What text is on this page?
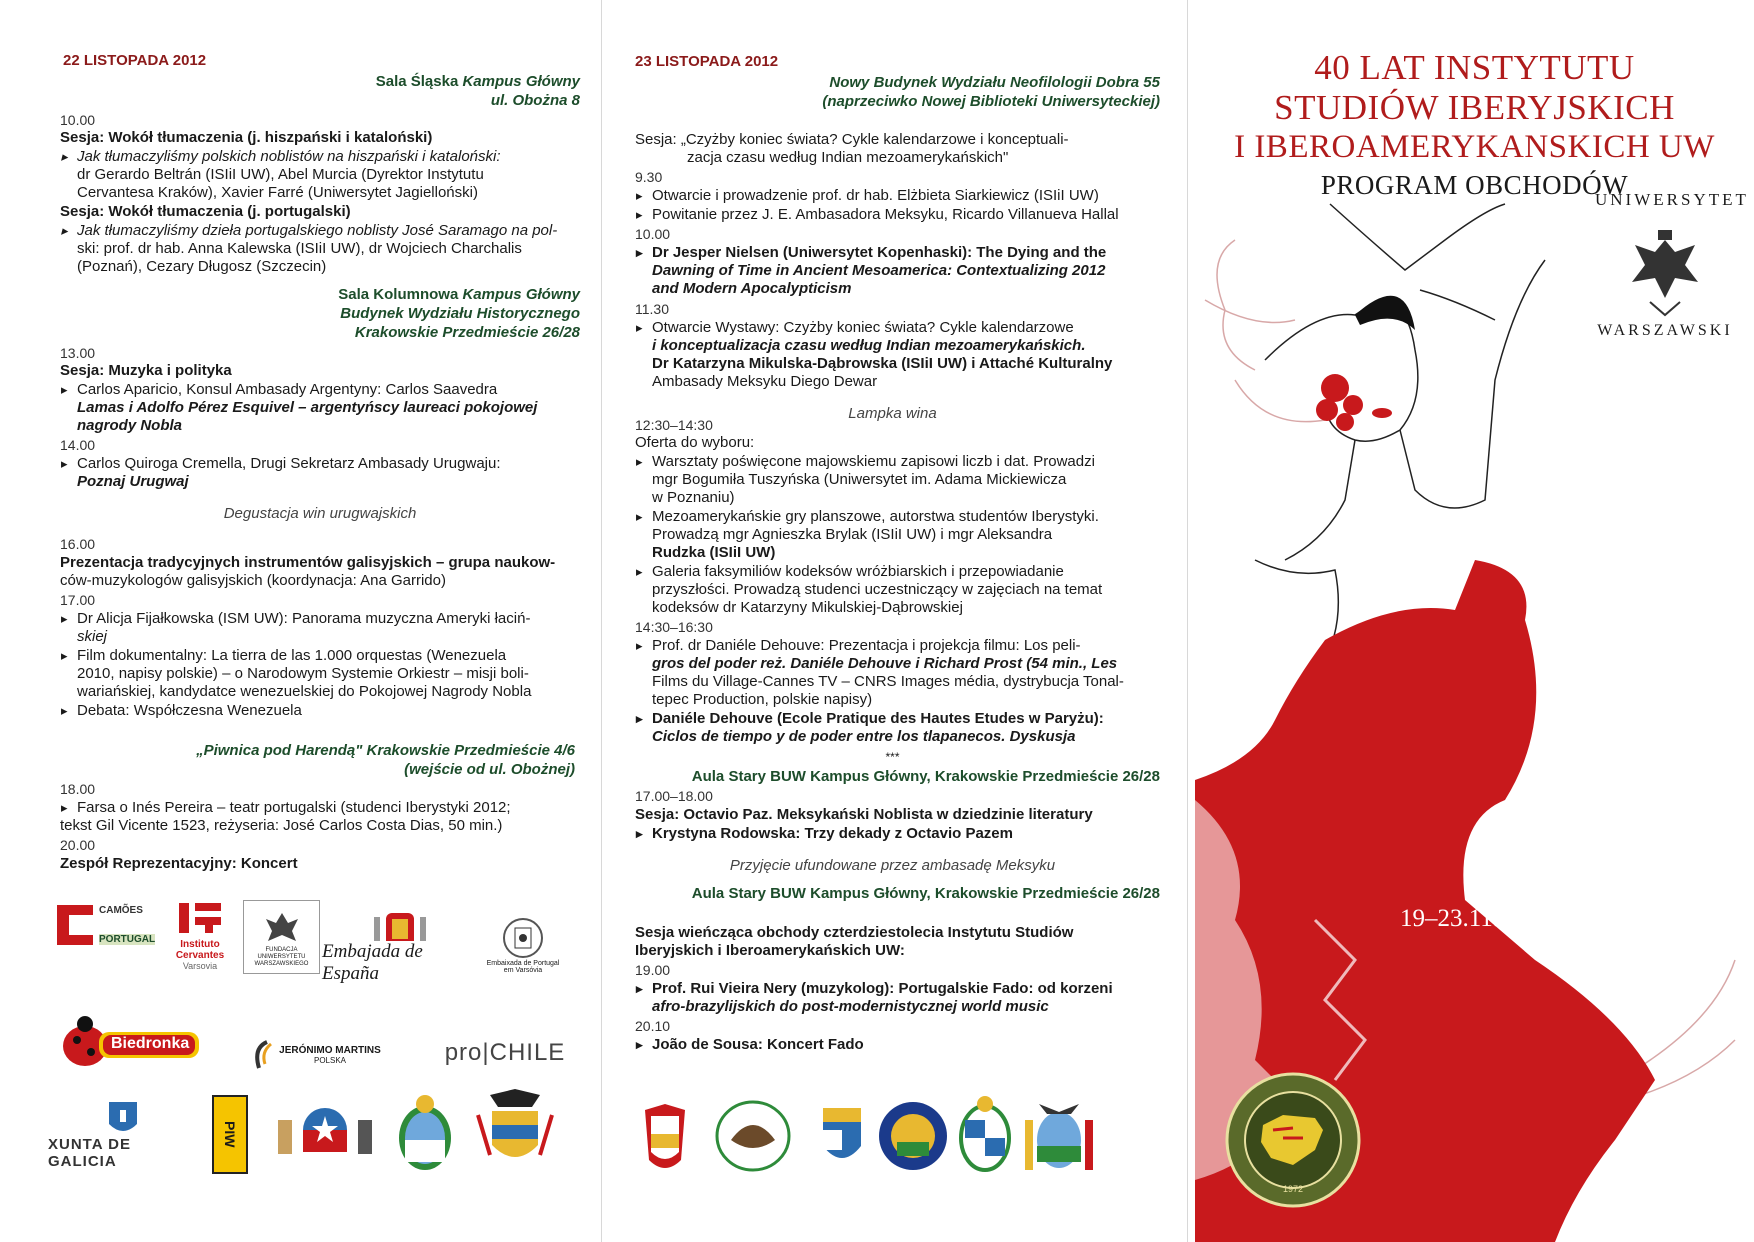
22 LISTOPADA 2012
Sala Śląska Kampus Główny
ul. Obożna 8
10.00
Sesja: Wokół tłumaczenia (j. hiszpański i kataloński)
▸ Jak tłumaczyliśmy polskich noblistów na hiszpański i kataloński:
dr Gerardo Beltrán (ISIiI UW), Abel Murcia (Dyrektor Instytutu
Cervantesa Kraków), Xavier Farré (Uniwersytet Jagielloński)
Sesja: Wokół tłumaczenia (j. portugalski)
▸ Jak tłumaczyliśmy dzieła portugalskiego noblisty José Saramago na pol-
ski: prof. dr hab. Anna Kalewska (ISIiI UW), dr Wojciech Charchalis
(Poznań), Cezary Długosz (Szczecin)
Sala Kolumnowa Kampus Główny
Budynek Wydziału Historycznego
Krakowskie Przedmieście 26/28
13.00
Sesja: Muzyka i polityka
▸ Carlos Aparicio, Konsul Ambasady Argentyny: Carlos Saavedra
Lamas i Adolfo Pérez Esquivel – argentyńscy laureaci pokojowej
nagrody Nobla
14.00
▸ Carlos Quiroga Cremella, Drugi Sekretarz Ambasady Urugwaju:
Poznaj Urugwaj
Degustacja win urugwajskich
16.00
Prezentacja tradycyjnych instrumentów galisyjskich – grupa naukow-
ców-muzykologów galisyjskich (koordynacja: Ana Garrido)
17.00
▸ Dr Alicja Fijałkowska (ISM UW): Panorama muzyczna Ameryki łaciń-
skiej
▸ Film dokumentalny: La tierra de las 1.000 orquestas (Wenezuela
2010, napisy polskie) – o Narodowym Systemie Orkiestr – misji boli-
wariańskiej, kandydatce wenezuelskiej do Pokojowej Nagrody Nobla
▸ Debata: Współczesna Wenezuela
„Piwnica pod Harendą" Krakowskie Przedmieście 4/6
(wejście od ul. Obożnej)
18.00
▸ Farsa o Inés Pereira – teatr portugalski (studenci Iberystyki 2012;
tekst Gil Vicente 1523, reżyseria: José Carlos Costa Dias, 50 min.)
20.00
Zespół Reprezentacyjny: Koncert
CAMÕES
PORTUGAL	Instituto
Cervantes
Varsovia
FUNDACJA UNIWERSYTETU WARSZAWSKIEGO
Embajada de España	Embaixada de Portugal
em Varsóvia
Biedronka	JERÓNIMO MARTINS
POLSKA	pro|CHILE
XUNTA DE GALICIA
PIW
23 LISTOPADA 2012
Nowy Budynek Wydziału Neofilologii Dobra 55
(naprzeciwko Nowej Biblioteki Uniwersyteckiej)
Sesja: „Czyżby koniec świata? Cykle kalendarzowe i konceptuali-
zacja czasu według Indian mezoamerykańskich"
9.30
▸ Otwarcie i prowadzenie prof. dr hab. Elżbieta Siarkiewicz (ISIiI UW)
▸ Powitanie przez J. E. Ambasadora Meksyku, Ricardo Villanueva Hallal
10.00
▸ Dr Jesper Nielsen (Uniwersytet Kopenhaski): The Dying and the
Dawning of Time in Ancient Mesoamerica: Contextualizing 2012
and Modern Apocalypticism
11.30
▸ Otwarcie Wystawy: Czyżby koniec świata? Cykle kalendarzowe
i konceptualizacja czasu według Indian mezoamerykańskich.
Dr Katarzyna Mikulska-Dąbrowska (ISIiI UW) i Attaché Kulturalny
Ambasady Meksyku Diego Dewar
Lampka wina
12:30–14:30
Oferta do wyboru:
▸ Warsztaty poświęcone majowskiemu zapisowi liczb i dat. Prowadzi
mgr Bogumiła Tuszyńska (Uniwersytet im. Adama Mickiewicza
w Poznaniu)
▸ Mezoamerykańskie gry planszowe, autorstwa studentów Iberystyki.
Prowadzą mgr Agnieszka Brylak (ISIiI UW) i mgr Aleksandra
Rudzka (ISIiI UW)
▸ Galeria faksymiliów kodeksów wróżbiarskich i przepowiadanie
przyszłości. Prowadzą studenci uczestniczący w zajęciach na temat
kodeksów dr Katarzyny Mikulskiej-Dąbrowskiej
14:30–16:30
▸ Prof. dr Daniéle Dehouve: Prezentacja i projekcja filmu: Los peli-
gros del poder reż. Daniéle Dehouve i Richard Prost (54 min., Les
Films du Village-Cannes TV – CNRS Images média, dystrybucja Tonal-
tepec Production, polskie napisy)
▸ Daniéle Dehouve (Ecole Pratique des Hautes Etudes w Paryżu):
Ciclos de tiempo y de poder entre los tlapanecos. Dyskusja
***
Aula Stary BUW Kampus Główny, Krakowskie Przedmieście 26/28
17.00–18.00
Sesja: Octavio Paz. Meksykański Noblista w dziedzinie literatury
▸ Krystyna Rodowska: Trzy dekady z Octavio Pazem
Przyjęcie ufundowane przez ambasadę Meksyku
Aula Stary BUW Kampus Główny, Krakowskie Przedmieście 26/28
Sesja wieńcząca obchody czterdziestolecia Instytutu Studiów
Iberyjskich i Iberoamerykańskich UW:
19.00
▸ Prof. Rui Vieira Nery (muzykolog): Portugalskie Fado: od korzeni
afro-brazylijskich do post-modernistycznej world music
20.10
▸ João de Sousa: Koncert Fado
40 LAT INSTYTUTU
STUDIÓW IBERYJSKICH
I IBEROAMERYKANSKICH UW
PROGRAM OBCHODÓW
UNIWERSYTET
WARSZAWSKI
19–23.11.2012
1972
